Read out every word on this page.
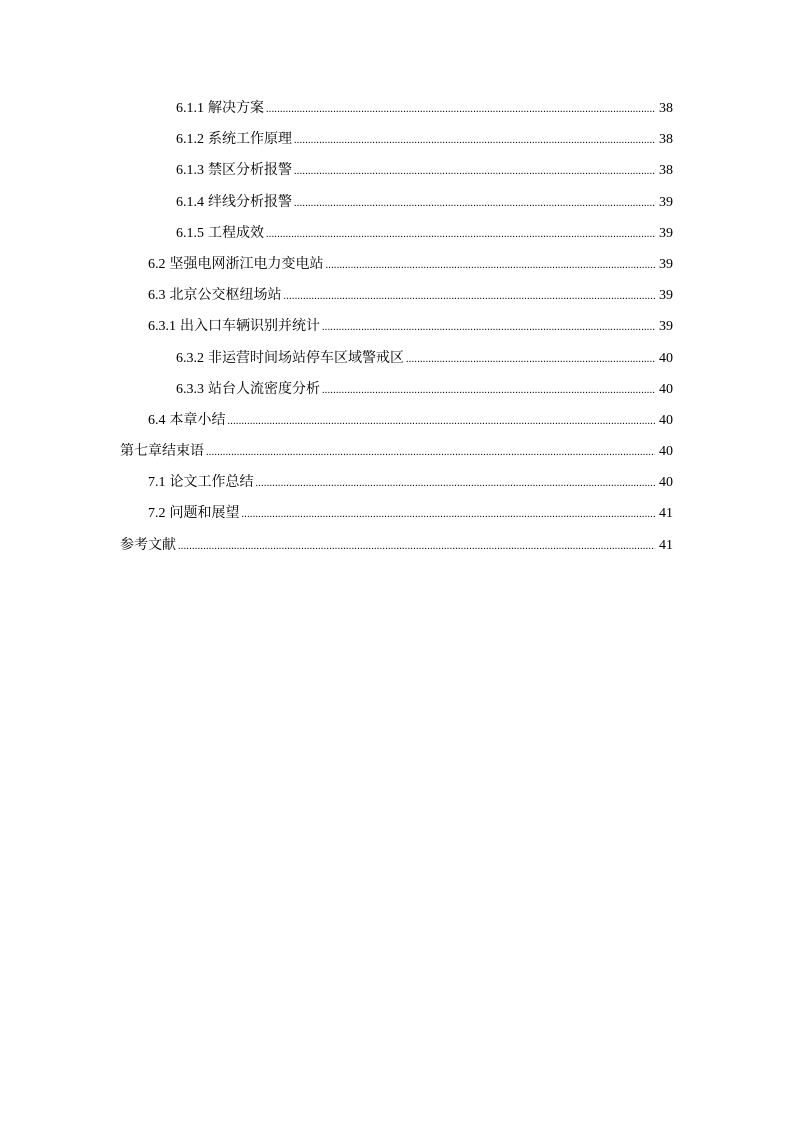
6.1.1 解决方案 .....	38
6.1.2 系统工作原理 .....	38
6.1.3 禁区分析报警 .....	38
6.1.4 绊线分析报警 .....	39
6.1.5 工程成效 .....	39
6.2 坚强电网浙江电力变电站 .....	39
6.3 北京公交枢纽场站 .....	39
6.3.1 出入口车辆识别并统计 .....	39
6.3.2 非运营时间场站停车区域警戒区 .....	40
6.3.3 站台人流密度分析 .....	40
6.4 本章小结 .....	40
第七章结束语 .....	40
7.1 论文工作总结 .....	40
7.2 问题和展望 .....	41
参考文献 .....	41
